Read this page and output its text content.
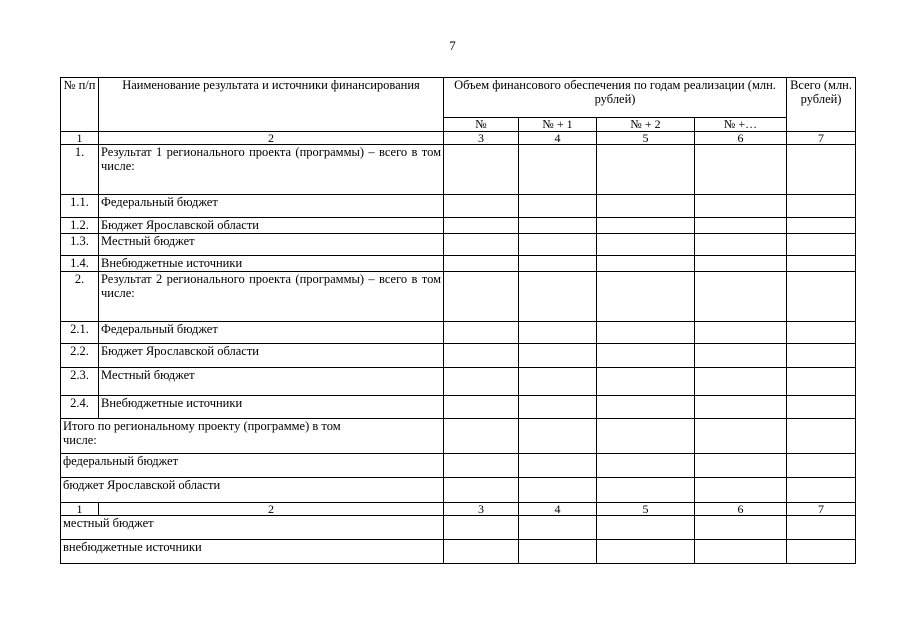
7
№ п/п	Наименование результата и источники финансирования	Объем финансового обеспечения по годам реализации (млн. рублей)				Всего (млн. рублей)
		№	№ + 1	№ + 2	№ +…	
1	2	3	4	5	6	7
1.	Результат 1 регионального проекта (программы) – всего в том числе:					
1.1.	Федеральный бюджет					
1.2.	Бюджет Ярославской области					
1.3.	Местный бюджет					
1.4.	Внебюджетные источники					
2.	Результат 2 регионального проекта (программы) – всего в том числе:					
2.1.	Федеральный бюджет					
2.2.	Бюджет Ярославской области					
2.3.	Местный бюджет					
2.4.	Внебюджетные источники					
Итого по региональному проекту (программе) в том числе:						
федеральный бюджет						
бюджет Ярославской области						
1	2	3	4	5	6	7
местный бюджет						
внебюджетные источники						
